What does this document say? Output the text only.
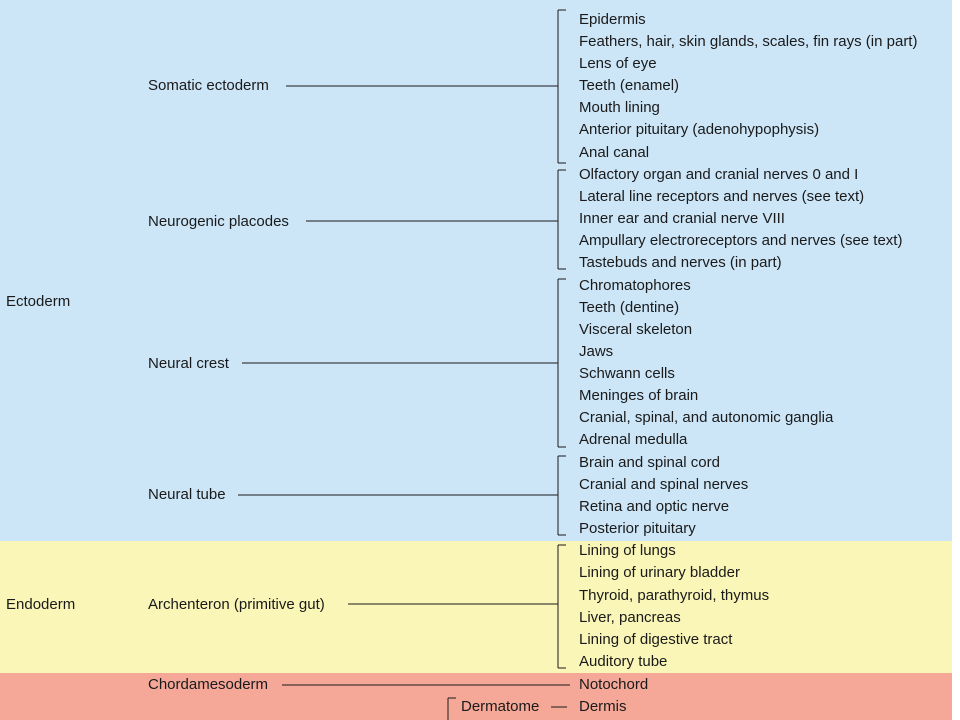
Ectoderm
Endoderm
Somatic ectoderm
Neurogenic placodes
Neural crest
Neural tube
Archenteron (primitive gut)
Chordamesoderm
Dermatome
Epidermis
Feathers, hair, skin glands, scales, fin rays (in part)
Lens of eye
Teeth (enamel)
Mouth lining
Anterior pituitary (adenohypophysis)
Anal canal
Olfactory organ and cranial nerves 0 and I
Lateral line receptors and nerves (see text)
Inner ear and cranial nerve VIII
Ampullary electroreceptors and nerves (see text)
Tastebuds and nerves (in part)
Chromatophores
Teeth (dentine)
Visceral skeleton
Jaws
Schwann cells
Meninges of brain
Cranial, spinal, and autonomic ganglia
Adrenal medulla
Brain and spinal cord
Cranial and spinal nerves
Retina and optic nerve
Posterior pituitary
Lining of lungs
Lining of urinary bladder
Thyroid, parathyroid, thymus
Liver, pancreas
Lining of digestive tract
Auditory tube
Notochord
Dermis
